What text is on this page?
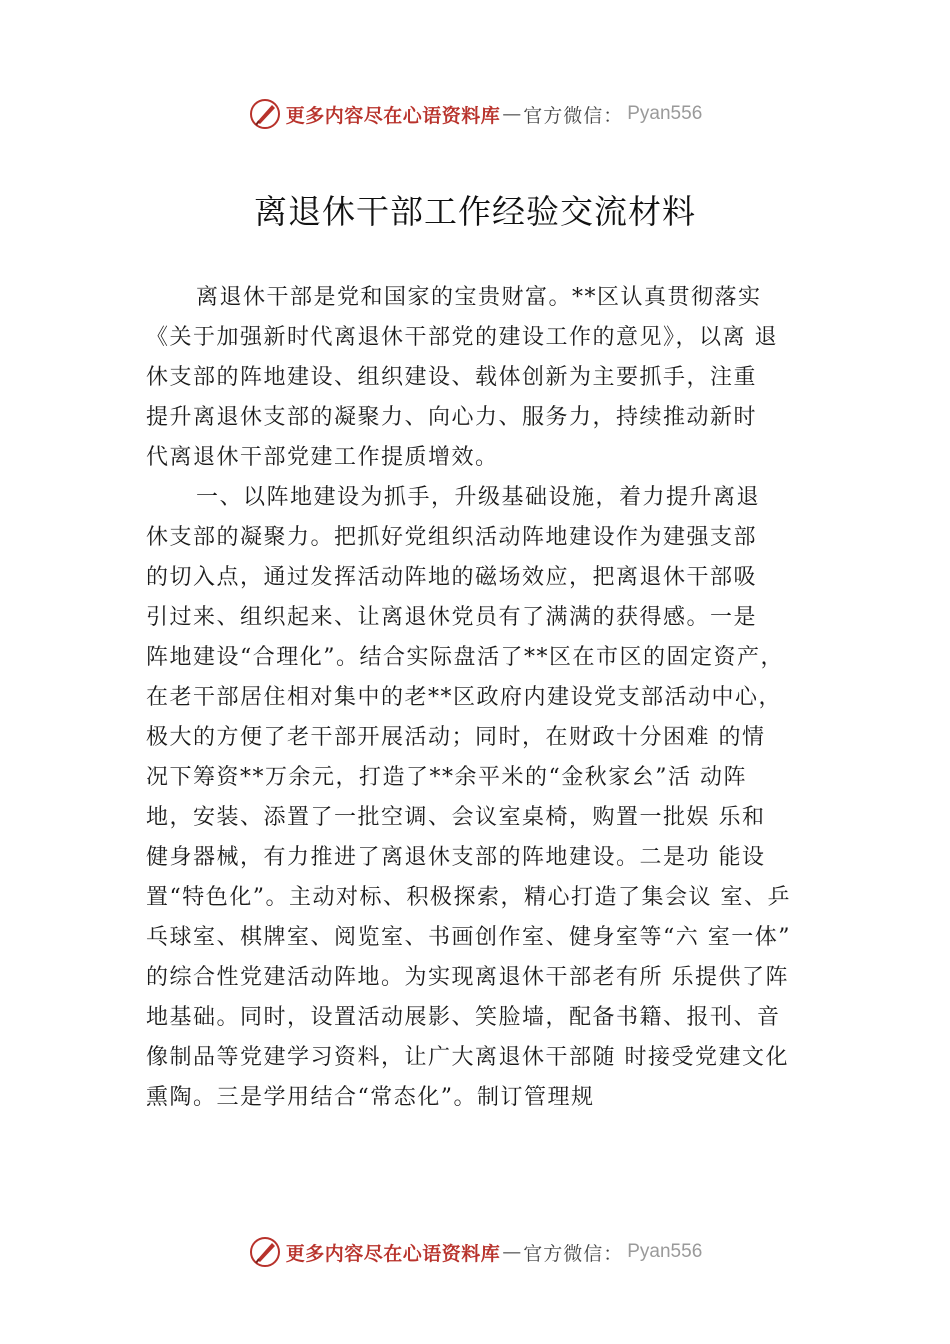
更多内容尽在心语资料库 — 官方微信： Pyan556
离退休干部工作经验交流材料
离退休干部是党和国家的宝贵财富。**区认真贯彻落实
《关于加强新时代离退休干部党的建设工作的意见》，以离 退
休支部的阵地建设、组织建设、载体创新为主要抓手，注重
提升离退休支部的凝聚力、向心力、服务力，持续推动新时
代离退休干部党建工作提质增效。
一、以阵地建设为抓手，升级基础设施，着力提升离退
休支部的凝聚力。把抓好党组织活动阵地建设作为建强支部
的切入点，通过发挥活动阵地的磁场效应，把离退休干部吸
引过来、组织起来、让离退休党员有了满满的获得感。一是
阵地建设“合理化”。结合实际盘活了**区在市区的固定资产，
在老干部居住相对集中的老**区政府内建设党支部活动中心，
极大的方便了老干部开展活动；同时，在财政十分困难 的情
况下筹资**万余元，打造了**余平米的“金秋家㕕”活 动阵
地，安装、添置了一批空调、会议室桌椅，购置一批娱 乐和
健身器械，有力推进了离退休支部的阵地建设。二是功 能设
置“特色化”。主动对标、积极探索，精心打造了集会议 室、乒
乓球室、棋牌室、阅览室、书画创作室、健身室等“六 室一体”
的综合性党建活动阵地。为实现离退休干部老有所 乐提供了阵
地基础。同时，设置活动展影、笑脸墙，配备书籍、报刊、音
像制品等党建学习资料，让广大离退休干部随 时接受党建文化
熏陶。三是学用结合“常态化”。制订管理规
更多内容尽在心语资料库 — 官方微信： Pyan556
